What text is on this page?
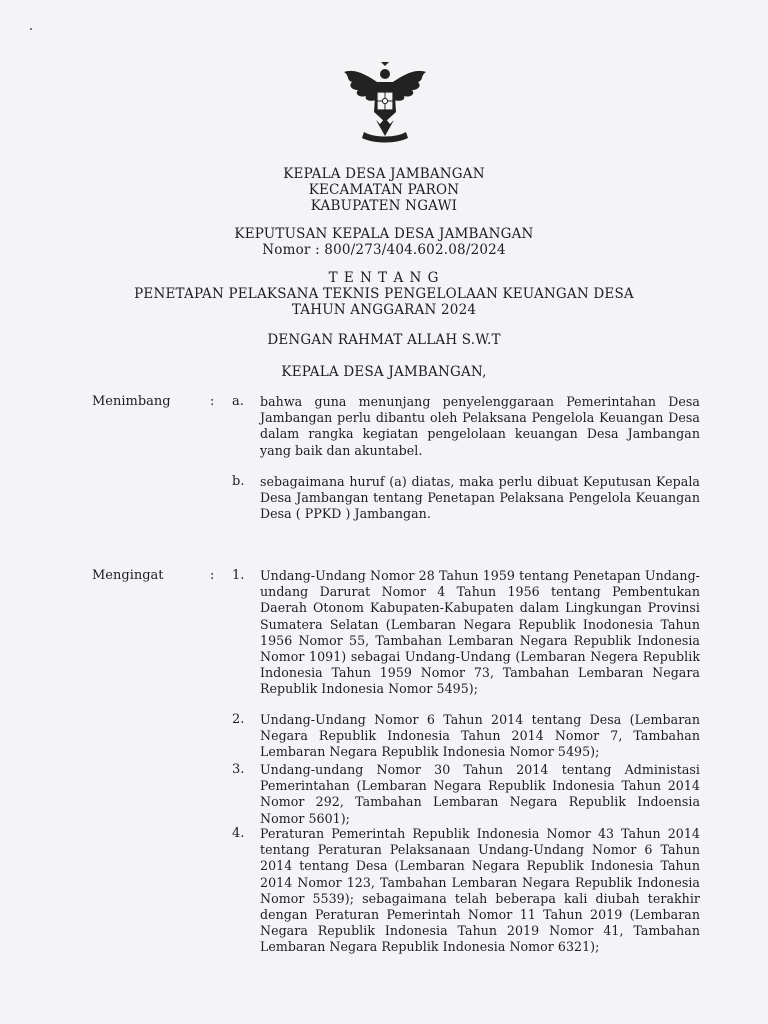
KEPALA DESA JAMBANGAN
KECAMATAN PARON
KABUPATEN NGAWI
KEPUTUSAN KEPALA DESA JAMBANGAN
Nomor : 800/273/404.602.08/2024
T E N T A N G
PENETAPAN PELAKSANA TEKNIS PENGELOLAAN KEUANGAN DESA
TAHUN ANGGARAN 2024
DENGAN RAHMAT ALLAH S.W.T
KEPALA DESA JAMBANGAN,
Menimbang	: a. bahwa guna menunjang penyelenggaraan Pemerintahan Desa Jambangan perlu dibantu oleh Pelaksana Pengelola Keuangan Desa dalam rangka kegiatan pengelolaan keuangan Desa Jambangan yang baik dan akuntabel.
b. sebagaimana huruf (a) diatas, maka perlu dibuat Keputusan Kepala Desa Jambangan tentang Penetapan Pelaksana Pengelola Keuangan Desa ( PPKD ) Jambangan.
Mengingat	: 1. Undang-Undang Nomor 28 Tahun 1959 tentang Penetapan Undang-undang Darurat Nomor 4 Tahun 1956 tentang Pembentukan Daerah Otonom Kabupaten-Kabupaten dalam Lingkungan Provinsi Sumatera Selatan (Lembaran Negara Republik Inodonesia Tahun 1956 Nomor 55, Tambahan Lembaran Negara Republik Indonesia Nomor 1091) sebagai Undang-Undang (Lembaran Negera Republik Indonesia Tahun 1959 Nomor 73, Tambahan Lembaran Negara Republik Indonesia Nomor 5495);
2. Undang-Undang Nomor 6 Tahun 2014 tentang Desa (Lembaran Negara Republik Indonesia Tahun 2014 Nomor 7, Tambahan Lembaran Negara Republik Indonesia Nomor 5495);
3. Undang-undang Nomor 30 Tahun 2014 tentang Administasi Pemerintahan (Lembaran Negara Republik Indonesia Tahun 2014 Nomor 292, Tambahan Lembaran Negara Republik Indoensia Nomor 5601);
4. Peraturan Pemerintah Republik Indonesia Nomor 43 Tahun 2014 tentang Peraturan Pelaksanaan Undang-Undang Nomor 6 Tahun 2014 tentang Desa (Lembaran Negara Republik Indonesia Tahun 2014 Nomor 123, Tambahan Lembaran Negara Republik Indonesia Nomor 5539); sebagaimana telah beberapa kali diubah terakhir dengan Peraturan Pemerintah Nomor 11 Tahun 2019 (Lembaran Negara Republik Indonesia Tahun 2019 Nomor 41, Tambahan Lembaran Negara Republik Indonesia Nomor 6321);
